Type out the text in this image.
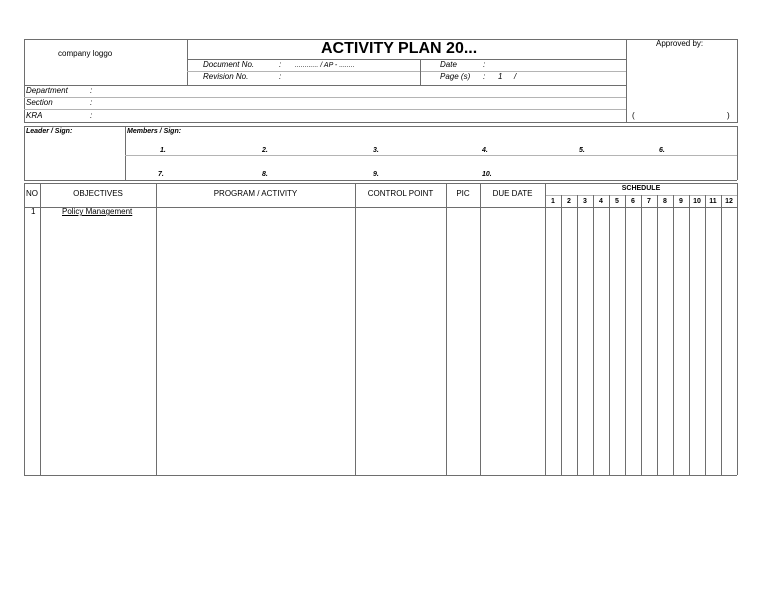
company loggo	ACTIVITY PLAN 20...	Approved by:
(	)
Document No.	: ............ / AP - ........
Revision No.	:
Date	:
Page (s) : 1 /
Department	:
Section	:
KRA	:
Leader / Sign:	Members / Sign:
1.	2.	3.	4.	5.	6.
7.	8.	9.	10.
NO	OBJECTIVES	PROGRAM / ACTIVITY	CONTROL POINT	PIC	DUE DATE
SCHEDULE
1	2	3	4	5	6	7	8	9	10	11	12
1	Policy Management
